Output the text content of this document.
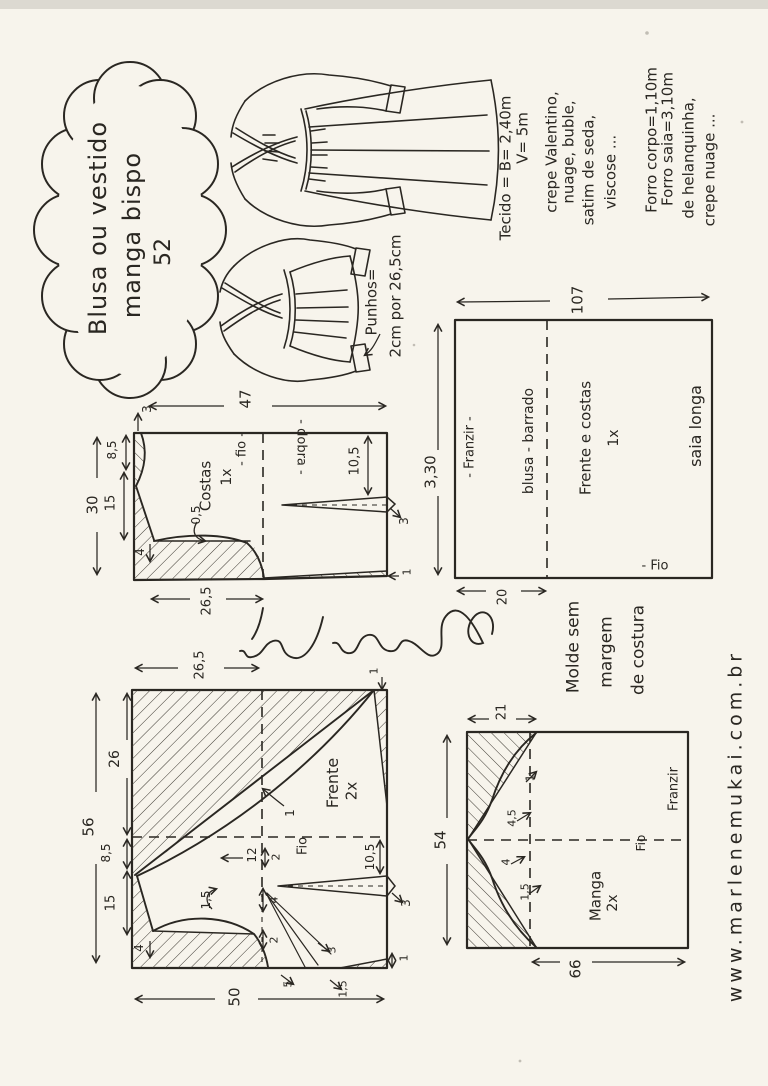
Blusa ou vestido manga bispo 52
Punhos= 2cm por 26,5cm
Tecido = B= 2,40m V= 5m crepe Valentino, nuage, buble, satim de seda, viscose ... Forro corpo=1,10m
Forro saia=3,10m de helanquinha, crepe nuage ...
47
30
3
8,5
15
4
0,5
Costas 1x
- fio -	- dobra -	10,5
3
26,5
1
107
3,30 - Franzir -	blusa - barrado	Frente e costas 1x	saia longa
- Fio
20
Molde sem margem de costura
26,5
56
26
8,5
15
4
50
Frente 2x
Fio
1
1,5
12 2
4
2
5	1,5
3
10,5
3
1
1
54
21
66
Manga 2x
Fio
Franzir
1
4,5
4
1,5	www.marlenemukai.com.br
